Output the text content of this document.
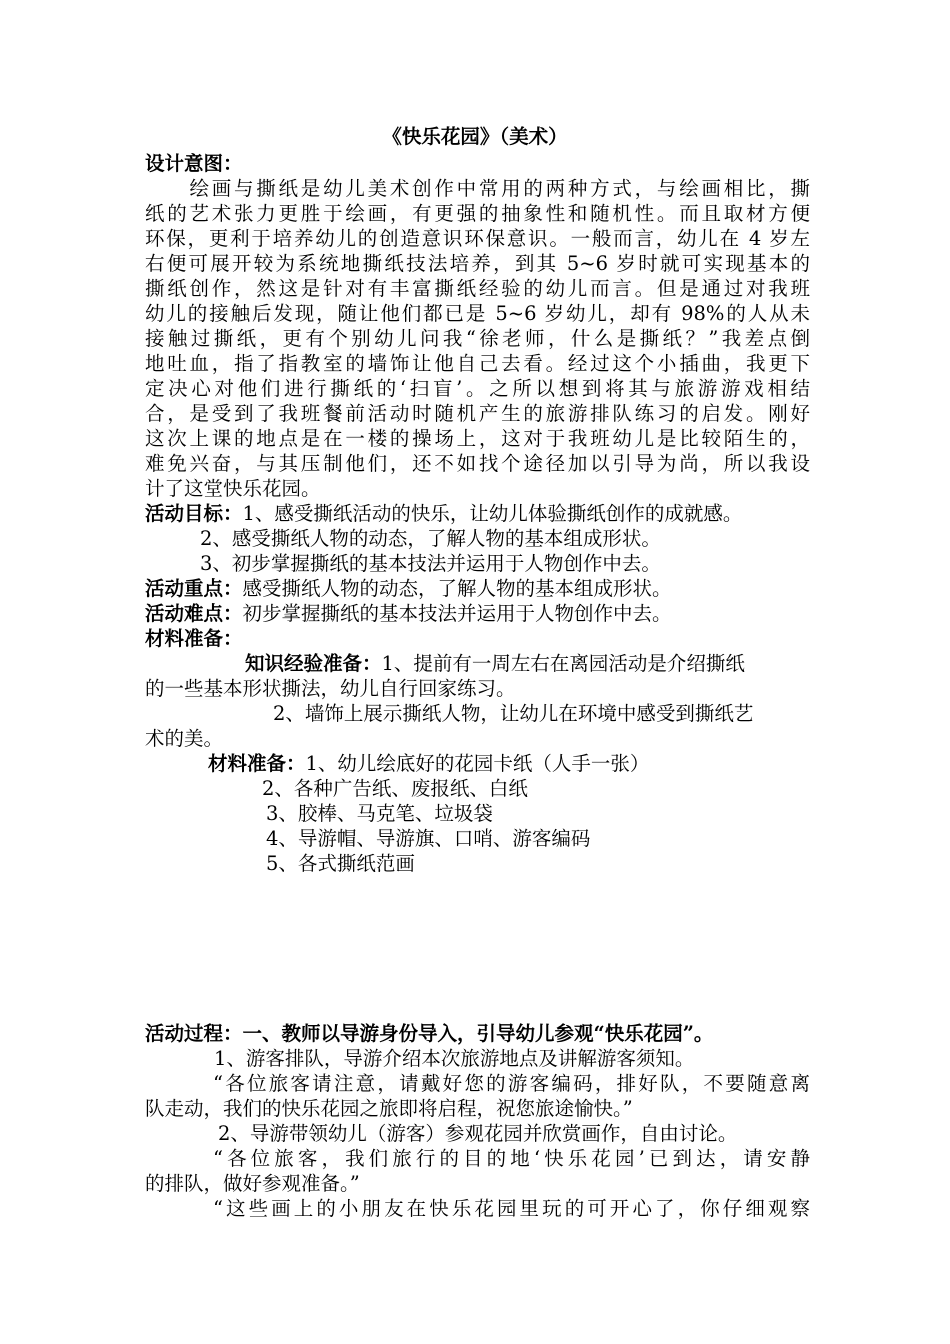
《快乐花园》（美术）
设计意图：
　　绘画与撕纸是幼儿美术创作中常用的两种方式，与绘画相比，撕
纸的艺术张力更胜于绘画，有更强的抽象性和随机性。而且取材方便
环保，更利于培养幼儿的创造意识环保意识。一般而言，幼儿在 4 岁左
右便可展开较为系统地撕纸技法培养，到其 5~6 岁时就可实现基本的
撕纸创作，然这是针对有丰富撕纸经验的幼儿而言。但是通过对我班
幼儿的接触后发现，随让他们都已是 5~6 岁幼儿，却有 98%的人从未
接触过撕纸，更有个别幼儿问我“徐老师，什么是撕纸？”我差点倒
地吐血，指了指教室的墙饰让他自己去看。经过这个小插曲，我更下
定决心对他们进行撕纸的‘扫盲’。之所以想到将其与旅游游戏相结
合，是受到了我班餐前活动时随机产生的旅游排队练习的启发。刚好
这次上课的地点是在一楼的操场上，这对于我班幼儿是比较陌生的，
难免兴奋，与其压制他们，还不如找个途径加以引导为尚，所以我设
计了这堂快乐花园。
活动目标：1、感受撕纸活动的快乐，让幼儿体验撕纸创作的成就感。
2、感受撕纸人物的动态，了解人物的基本组成形状。
3、初步掌握撕纸的基本技法并运用于人物创作中去。
活动重点：感受撕纸人物的动态，了解人物的基本组成形状。
活动难点：初步掌握撕纸的基本技法并运用于人物创作中去。
材料准备：
知识经验准备：1、提前有一周左右在离园活动是介绍撕纸
的一些基本形状撕法，幼儿自行回家练习。
2、墙饰上展示撕纸人物，让幼儿在环境中感受到撕纸艺
术的美。
材料准备：1、幼儿绘底好的花园卡纸（人手一张）
2、各种广告纸、废报纸、白纸
3、胶棒、马克笔、垃圾袋
4、导游帽、导游旗、口哨、游客编码
5、各式撕纸范画
活动过程：一、教师以导游身份导入，引导幼儿参观“快乐花园”。
1、游客排队，导游介绍本次旅游地点及讲解游客须知。
“各位旅客请注意，请戴好您的游客编码，排好队，不要随意离
队走动，我们的快乐花园之旅即将启程，祝您旅途愉快。”
2、导游带领幼儿（游客）参观花园并欣赏画作，自由讨论。
“各位旅客，我们旅行的目的地‘快乐花园’已到达，请安静
的排队，做好参观准备。”
“这些画上的小朋友在快乐花园里玩的可开心了，你仔细观察
